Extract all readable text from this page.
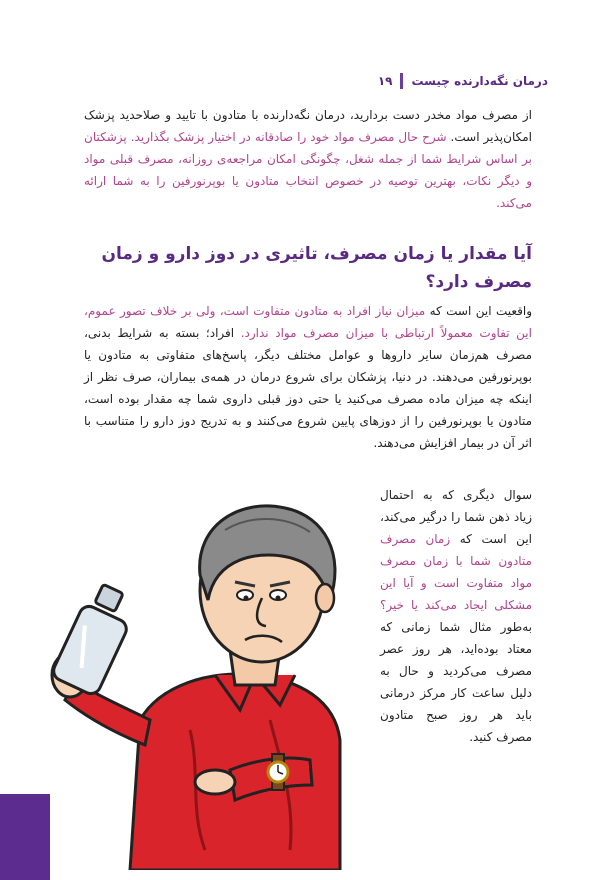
درمان نگه‌دارنده چیست
۱۹

از مصرف مواد مخدر دست بردارید، درمان نگه‌دارنده با متادون با تایید و صلاحدید پزشک امکان‌پذیر است. شرح حال مصرف مواد خود را صادقانه در اختیار پزشک بگذارید. پزشکتان بر اساس شرایط شما از جمله شغل، چگونگی امکان مراجعه‌ی روزانه، مصرف قبلی مواد و دیگر نکات، بهترین توصیه در خصوص انتخاب متادون یا بوپرنورفین را به شما ارائه می‌کند.

آیا مقدار یا زمان مصرف، تاثیری در دوز دارو و زمان مصرف دارد؟

واقعیت این است که میزان نیاز افراد به متادون متفاوت است، ولی بر خلاف تصور عموم، این تفاوت معمولاً ارتباطی با میزان مصرف مواد ندارد. افراد؛ بسته به شرایط بدنی، مصرف هم‌زمان سایر داروها و عوامل مختلف دیگر، پاسخ‌های متفاوتی به متادون یا بوپرنورفین می‌دهند. در دنیا، پزشکان برای شروع درمان در همه‌ی بیماران، صرف نظر از اینکه چه میزان ماده مصرف می‌کنید یا حتی دوز قبلی داروی شما چه مقدار بوده است، متادون یا بوپرنورفین را از دوزهای پایین شروع می‌کنند و به تدریج دوز دارو را متناسب با اثر آن در بیمار افزایش می‌دهند.

سوال دیگری که به احتمال زیاد ذهن شما را درگیر می‌کند، این است که زمان مصرف متادون شما با زمان مصرف مواد متفاوت است و آیا این مشکلی ایجاد می‌کند یا خیر؟ به‌طور مثال شما زمانی که معتاد بوده‌اید، هر روز عصر مصرف می‌کردید و حال به دلیل ساعت کار مرکز درمانی باید هر روز صبح متادون مصرف کنید.
